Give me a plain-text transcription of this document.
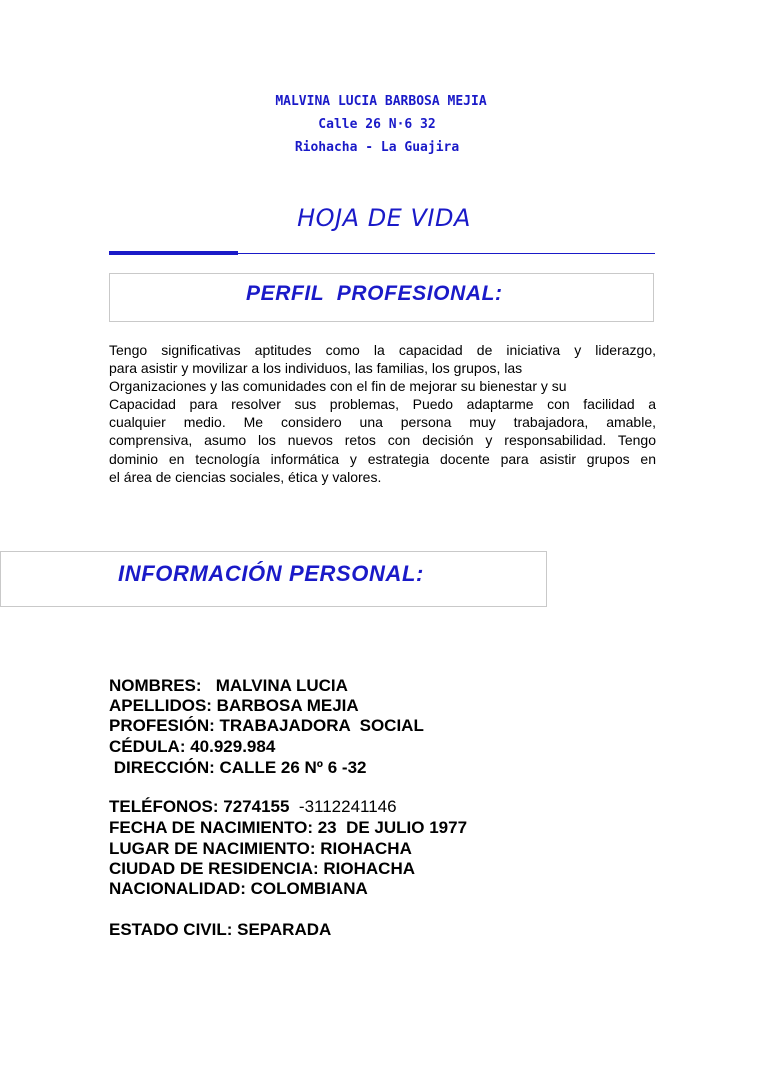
MALVINA LUCIA BARBOSA MEJIA
Calle 26 N·6 32
Riohacha - La Guajira
HOJA DE VIDA
PERFIL  PROFESIONAL:
Tengo significativas aptitudes como la capacidad de iniciativa y liderazgo,
para asistir y movilizar a los individuos, las familias, los grupos, las
Organizaciones y las comunidades con el fin de mejorar su bienestar y su
Capacidad para resolver sus problemas, Puedo adaptarme con facilidad a
cualquier medio. Me considero una persona muy trabajadora, amable,
comprensiva, asumo los nuevos retos con decisión y responsabilidad. Tengo
dominio en tecnología informática y estrategia docente para asistir grupos en
el área de ciencias sociales, ética y valores.
INFORMACIÓN PERSONAL:
NOMBRES:   MALVINA LUCIA
APELLIDOS: BARBOSA MEJIA
PROFESIÓN: TRABAJADORA  SOCIAL
CÉDULA: 40.929.984
DIRECCIÓN: CALLE 26 Nº 6 -32
TELÉFONOS: 7274155  -3112241146
FECHA DE NACIMIENTO: 23  DE JULIO 1977
LUGAR DE NACIMIENTO: RIOHACHA
CIUDAD DE RESIDENCIA: RIOHACHA
NACIONALIDAD: COLOMBIANA
ESTADO CIVIL: SEPARADA
